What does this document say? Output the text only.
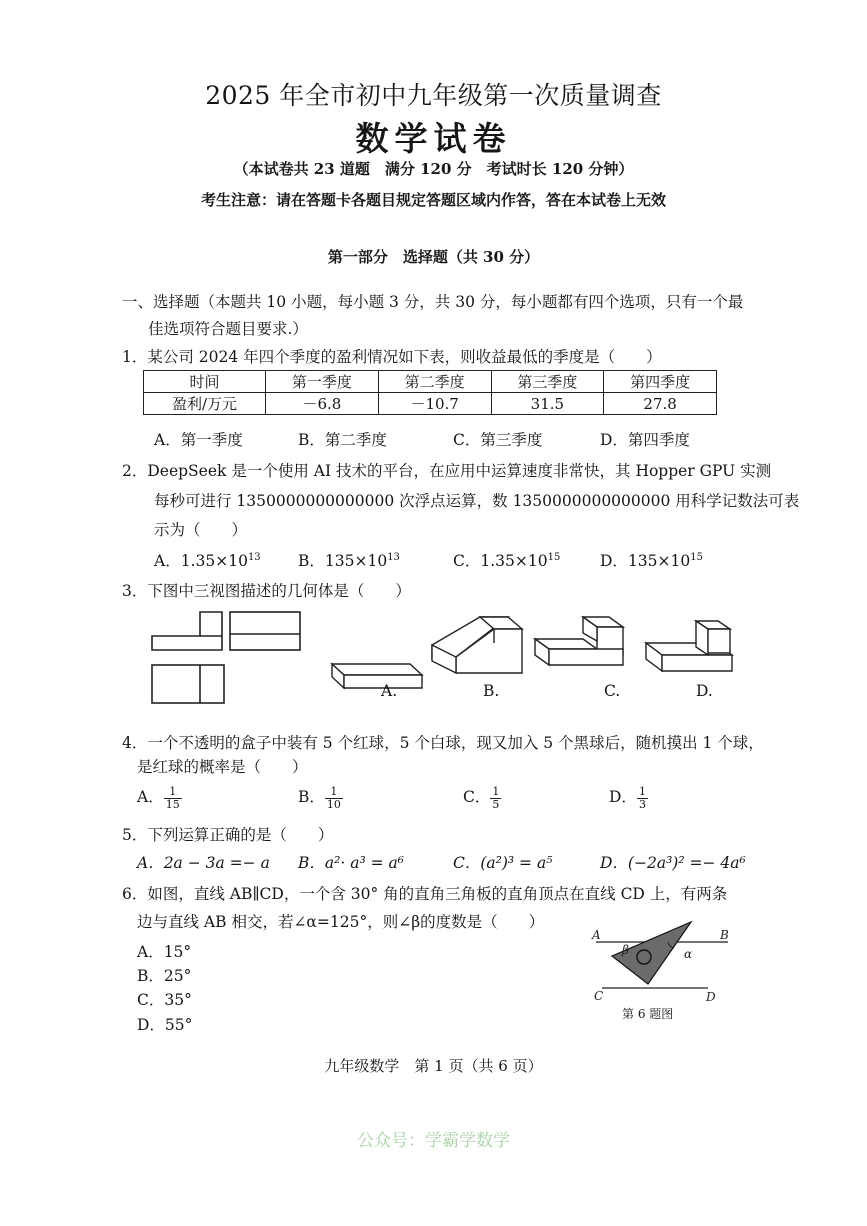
2025 年全市初中九年级第一次质量调查
数学试卷
（本试卷共 23 道题　满分 120 分　考试时长 120 分钟）
考生注意：请在答题卡各题目规定答题区域内作答，答在本试卷上无效
第一部分　选择题（共 30 分）
一、选择题（本题共 10 小题，每小题 3 分，共 30 分，每小题都有四个选项，只有一个最
佳选项符合题目要求.）
1．某公司 2024 年四个季度的盈利情况如下表，则收益最低的季度是（　　）
时间	第一季度	第二季度	第三季度	第四季度
盈利/万元	－6.8	－10.7	31.5	27.8
A．第一季度	B．第二季度	C．第三季度	D．第四季度
2．DeepSeek 是一个使用 AI 技术的平台，在应用中运算速度非常快，其 Hopper GPU 实测
每秒可进行 1350000000000000 次浮点运算，数 1350000000000000 用科学记数法可表
示为（　　）
A．$1.35\times 10^{13}$ B．$135\times 10^{13}$	C．$1.35\times 10^{15}$	D．$135\times 10^{15}$
3．下图中三视图描述的几何体是（　　）
A.	B.	C.	D.
4．一个不透明的盒子中装有 5 个红球，5 个白球，现又加入 5 个黑球后，随机摸出 1 个球，
是红球的概率是（　　）
A． $\frac{1}{15}$	B． $\frac{1}{10}$	C． $\frac{1}{5}$	D． $\frac{1}{3}$
5．下列运算正确的是（　　）
A．2a − 3a =− a B．a²· a³ = a⁶	C．(a²)³ = a⁵	D．(−2a³)² =− 4a⁶
6．如图，直线 AB∥CD，一个含 30° 角的直角三角板的直角顶点在直线 CD 上，有两条
边与直线 AB 相交，若∠α=125°，则∠β的度数是（　　）
A．15°
B．25°
C．35°
D．55°
A	B
C	D
β	α
第 6 题图
九年级数学　第 1 页（共 6 页）
公众号：学霸学数学
